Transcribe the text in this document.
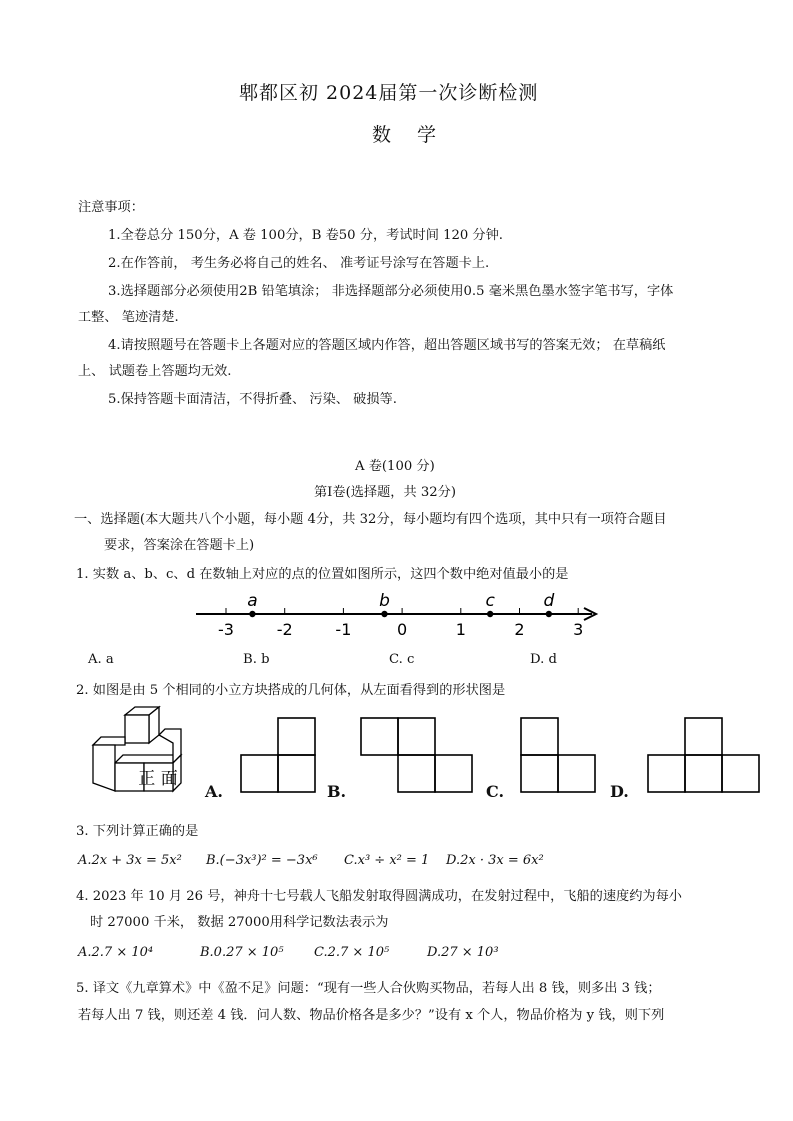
郫都区初 2024届第一次诊断检测
数 学
注意事项：
1.全卷总分 150分，A 卷 100分，B 卷50 分，考试时间 120 分钟.
2.在作答前， 考生务必将自己的姓名、 准考证号涂写在答题卡上.
3.选择题部分必须使用2B 铅笔填涂； 非选择题部分必须使用0.5 毫米黑色墨水签字笔书写，字体
工整、 笔迹清楚.
4.请按照题号在答题卡上各题对应的答题区域内作答，超出答题区域书写的答案无效； 在草稿纸
上、 试题卷上答题均无效.
5.保持答题卡面清洁，不得折叠、 污染、 破损等.
A 卷(100 分)
第Ⅰ卷(选择题，共 32分)
一、选择题(本大题共八个小题，每小题 4分，共 32分，每小题均有四个选项，其中只有一项符合题目
要求，答案涂在答题卡上)
1. 实数 a、b、c、d 在数轴上对应的点的位置如图所示，这四个数中绝对值最小的是
-3	-2	-1	0	1	2	3
a	b	c	d
A. a	B. b	C. c	D. d
2. 如图是由 5 个相同的小立方块搭成的几何体，从左面看得到的形状图是
正 面
A.	B.	C.	D.
3. 下列计算正确的是
A.2x + 3x = 5x² B.(−3x³)² = −3x⁶ C.x³ ÷ x² = 1 D.2x · 3x = 6x²
4. 2023 年 10 月 26 号，神舟十七号载人飞船发射取得圆满成功，在发射过程中，飞船的速度约为每小
时 27000 千米， 数据 27000用科学记数法表示为
A.2.7 × 10⁴	B.0.27 × 10⁵ C.2.7 × 10⁵	D.27 × 10³
5. 译文《九章算术》中《盈不足》问题：“现有一些人合伙购买物品，若每人出 8 钱，则多出 3 钱；
若每人出 7 钱，则还差 4 钱．问人数、物品价格各是多少？”设有 x 个人，物品价格为 y 钱，则下列
